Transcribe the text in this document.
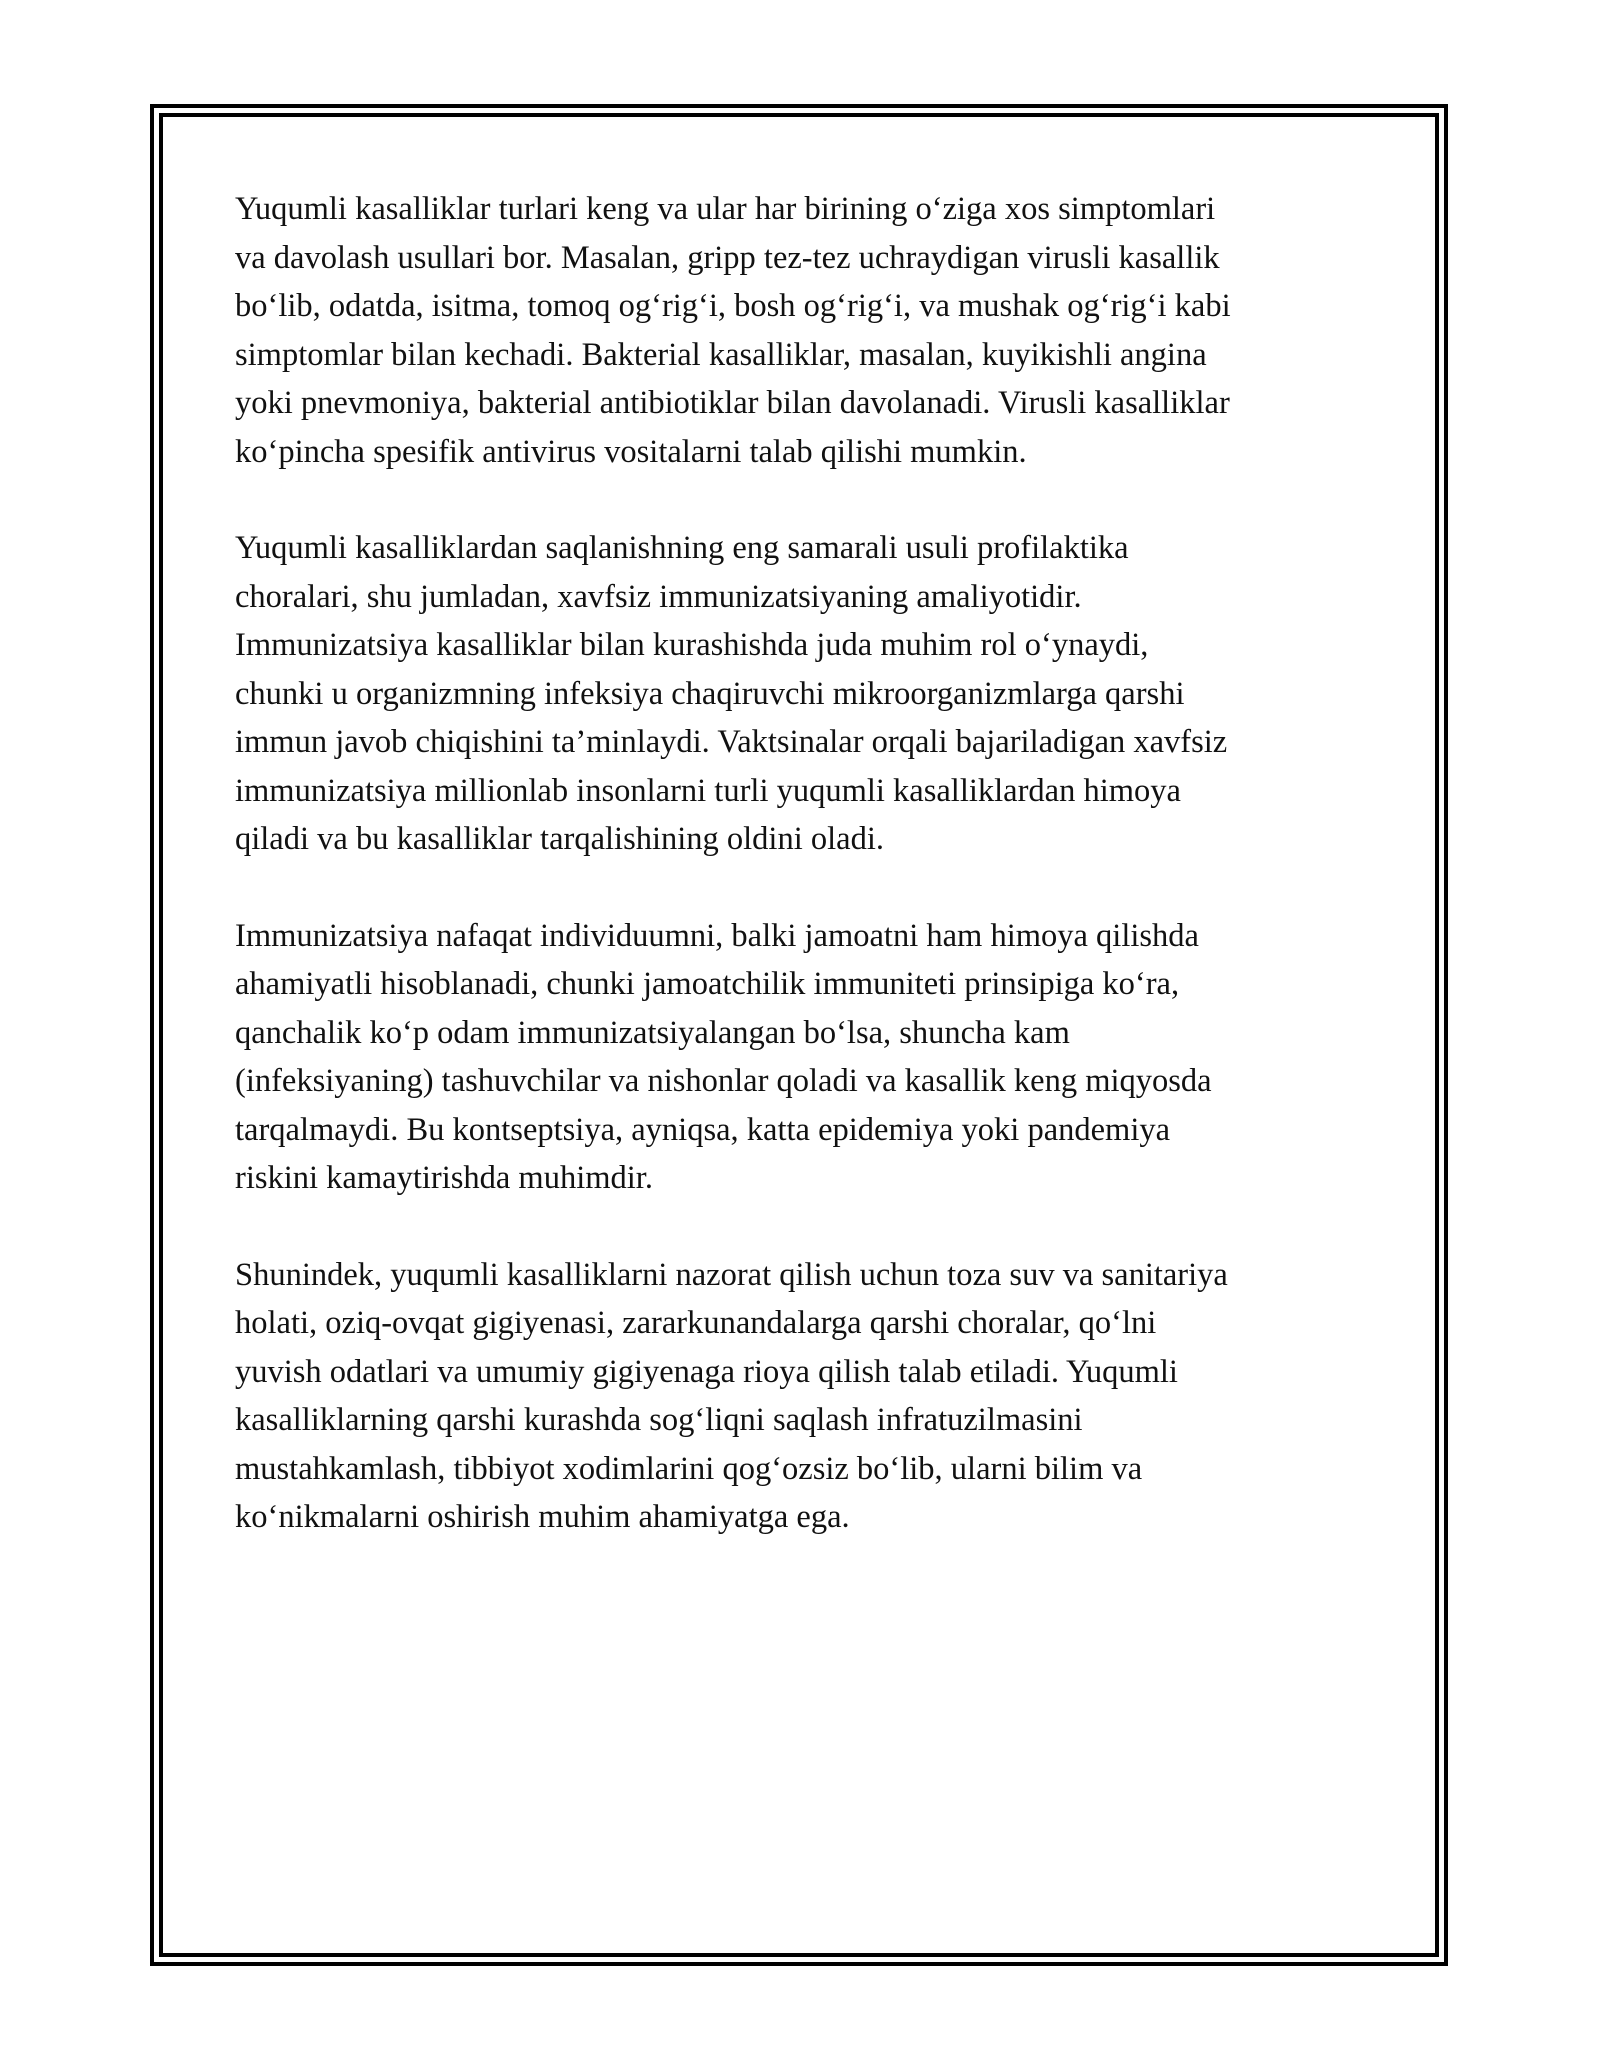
Yuqumli kasalliklar turlari keng va ular har birining o‘ziga xos simptomlari
va davolash usullari bor. Masalan, gripp tez-tez uchraydigan virusli kasallik
bo‘lib, odatda, isitma, tomoq og‘rig‘i, bosh og‘rig‘i, va mushak og‘rig‘i kabi
simptomlar bilan kechadi. Bakterial kasalliklar, masalan, kuyikishli angina
yoki pnevmoniya, bakterial antibiotiklar bilan davolanadi. Virusli kasalliklar
ko‘pincha spesifik antivirus vositalarni talab qilishi mumkin.

Yuqumli kasalliklardan saqlanishning eng samarali usuli profilaktika
choralari, shu jumladan, xavfsiz immunizatsiyaning amaliyotidir.
Immunizatsiya kasalliklar bilan kurashishda juda muhim rol o‘ynaydi,
chunki u organizmning infeksiya chaqiruvchi mikroorganizmlarga qarshi
immun javob chiqishini ta’minlaydi. Vaktsinalar orqali bajariladigan xavfsiz
immunizatsiya millionlab insonlarni turli yuqumli kasalliklardan himoya
qiladi va bu kasalliklar tarqalishining oldini oladi.

Immunizatsiya nafaqat individuumni, balki jamoatni ham himoya qilishda
ahamiyatli hisoblanadi, chunki jamoatchilik immuniteti prinsipiga ko‘ra,
qanchalik ko‘p odam immunizatsiyalangan bo‘lsa, shuncha kam
(infeksiyaning) tashuvchilar va nishonlar qoladi va kasallik keng miqyosda
tarqalmaydi. Bu kontseptsiya, ayniqsa, katta epidemiya yoki pandemiya
riskini kamaytirishda muhimdir.

Shunindek, yuqumli kasalliklarni nazorat qilish uchun toza suv va sanitariya
holati, oziq-ovqat gigiyenasi, zararkunandalarga qarshi choralar, qo‘lni
yuvish odatlari va umumiy gigiyenaga rioya qilish talab etiladi. Yuqumli
kasalliklarning qarshi kurashda sog‘liqni saqlash infratuzilmasini
mustahkamlash, tibbiyot xodimlarini qog‘ozsiz bo‘lib, ularni bilim va
ko‘nikmalarni oshirish muhim ahamiyatga ega.
